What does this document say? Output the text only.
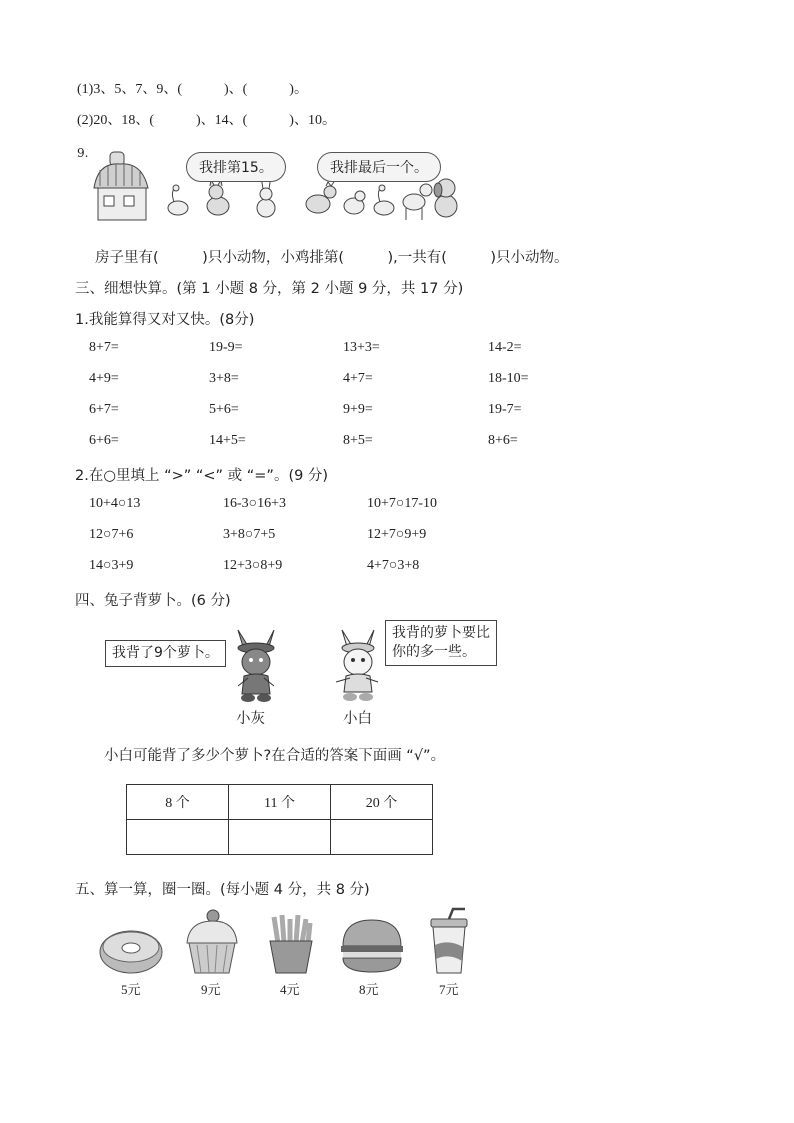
(1)3、5、7、9、(　　　)、(　　　)。
(2)20、18、(　　　)、14、(　　　)、10。
9.
我排第15。	我排最后一个。
房子里有(　　　)只小动物，小鸡排第(　　　),一共有(　　　)只小动物。
三、细想快算。(第 1 小题 8 分，第 2 小题 9 分，共 17 分)
1.我能算得又对又快。(8分)
8+7=	19-9=	13+3=	14-2=
4+9=	3+8=	4+7=	18-10=
6+7=	5+6=	9+9=	19-7=
6+6=	14+5=	8+5=	8+6=
2.在○里填上 “>” “<” 或 “=”。(9 分)
10+4○13	16-3○16+3	10+7○17-10
12○7+6	3+8○7+5	12+7○9+9
14○3+9	12+3○8+9	4+7○3+8
四、兔子背萝卜。(6 分)
我背了9个萝卜。
我背的萝卜要比
你的多一些。
小灰	小白
小白可能背了多少个萝卜?在合适的答案下面画 “√”。
8 个	11 个	20 个

五、算一算，圈一圈。(每小题 4 分，共 8 分)
5元	9元	4元	8元	7元
